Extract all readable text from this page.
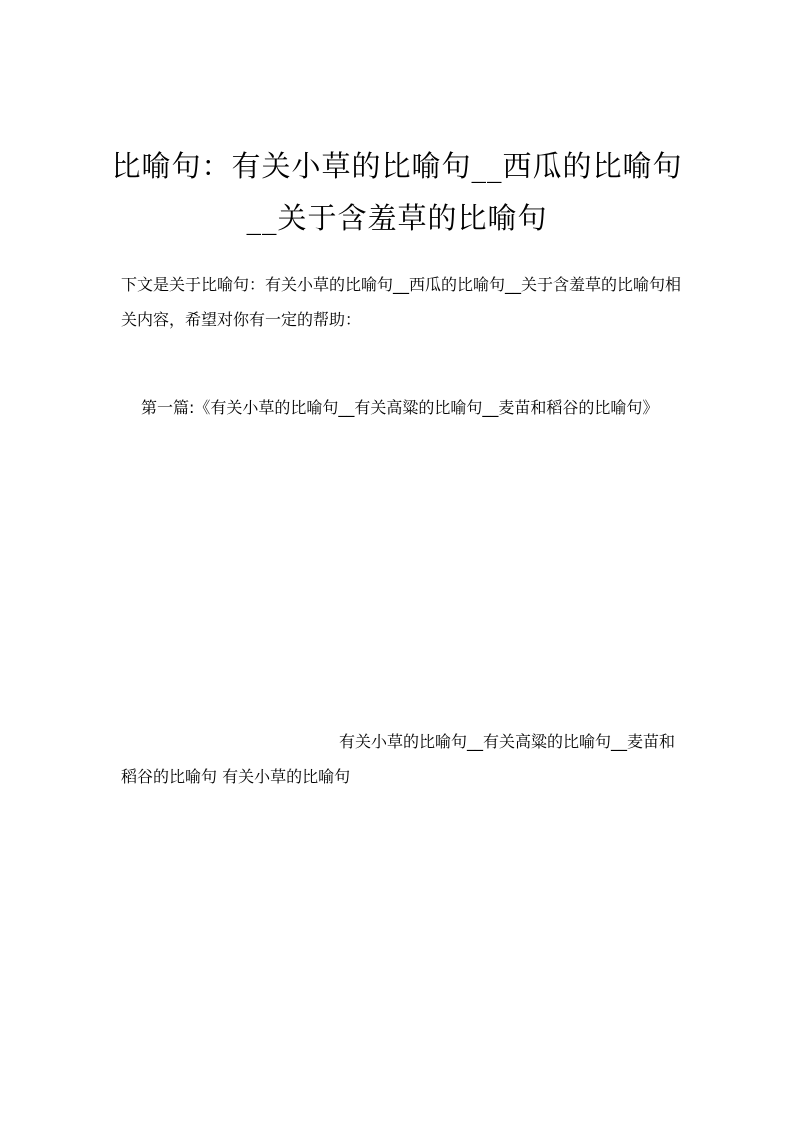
比喻句：有关小草的比喻句__西瓜的比喻句__关于含羞草的比喻句

下文是关于比喻句：有关小草的比喻句__西瓜的比喻句__关于含羞草的比喻句相关内容，希望对你有一定的帮助：

第一篇:《有关小草的比喻句__有关高粱的比喻句__麦苗和稻谷的比喻句》

有关小草的比喻句__有关高粱的比喻句__麦苗和稻谷的比喻句 有关小草的比喻句
